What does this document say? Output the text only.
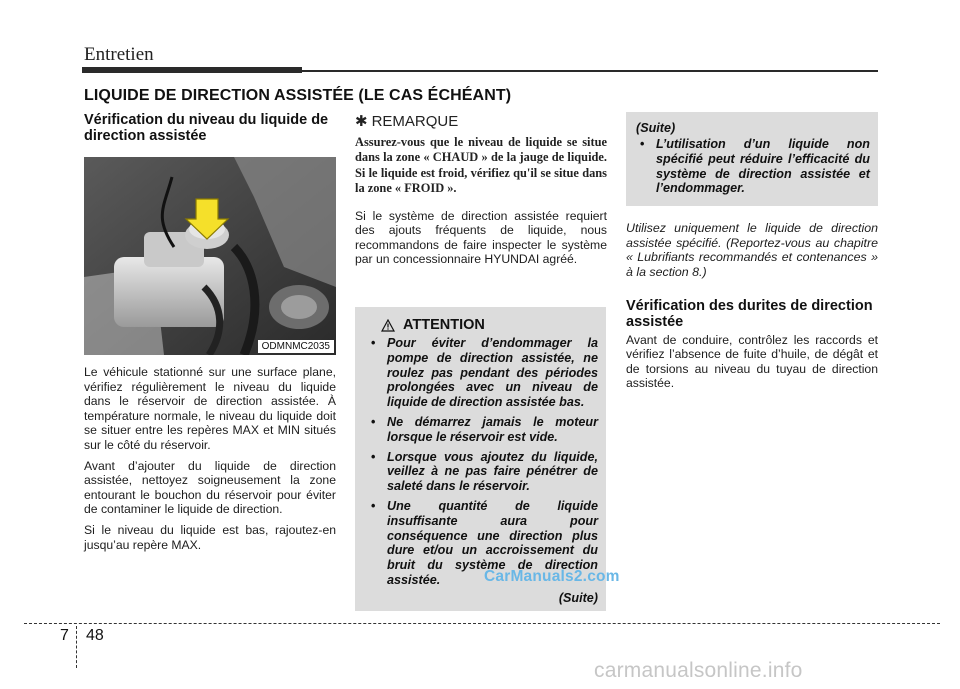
Entretien
LIQUIDE DE DIRECTION ASSISTÉE (LE CAS ÉCHÉANT)
Vérification du niveau du liquide de direction assistée
ODMNMC2035

Le véhicule stationné sur une surface plane, vérifiez régulièrement le niveau du liquide dans le réservoir de direction assistée. À température normale, le niveau du liquide doit se situer entre les repères MAX et MIN situés sur le côté du réservoir.

Avant d’ajouter du liquide de direction assistée, nettoyez soigneusement la zone entourant le bouchon du réservoir pour éviter de contaminer le liquide de direction.

Si le niveau du liquide est bas, rajoutez-en jusqu’au repère MAX.

✱ REMARQUE
Assurez-vous que le niveau de liquide se situe dans la zone « CHAUD » de la jauge de liquide. Si le liquide est froid, vérifiez qu'il se situe dans la zone « FROID ».
Si le système de direction assistée requiert des ajouts fréquents de liquide, nous recommandons de faire inspecter le système par un concessionnaire HYUNDAI agréé.
ATTENTION
• Pour éviter d’endommager la pompe de direction assistée, ne roulez pas pendant des périodes prolongées avec un niveau de liquide de direction assistée bas.
• Ne démarrez jamais le moteur lorsque le réservoir est vide.
• Lorsque vous ajoutez du liquide, veillez à ne pas faire pénétrer de saleté dans le réservoir.
• Une quantité de liquide insuffisante aura pour conséquence une direction plus dure et/ou un accroissement du bruit du système de direction assistée.
(Suite)
(Suite)
• L’utilisation d’un liquide non spécifié peut réduire l’efficacité du système de direction assistée et l’endommager.
Utilisez uniquement le liquide de direction assistée spécifié. (Reportez-vous au chapitre « Lubrifiants recommandés et contenances » à la section 8.)
Vérification des durites de direction assistée
Avant de conduire, contrôlez les raccords et vérifiez l’absence de fuite d’huile, de dégât et de torsions au niveau du tuyau de direction assistée.
CarManuals2.com
7 48
carmanualsonline.info
